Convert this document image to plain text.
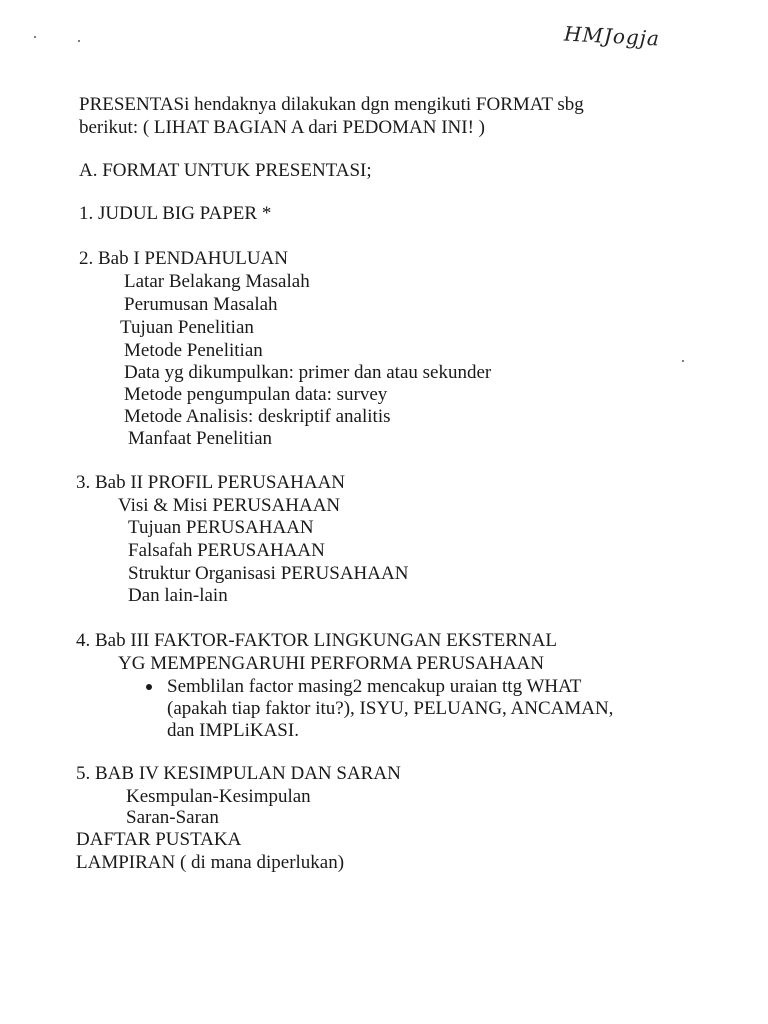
HMJogja
PRESENTASi hendaknya dilakukan dgn mengikuti FORMAT sbg
berikut: ( LIHAT BAGIAN A dari PEDOMAN INI! )
A. FORMAT UNTUK PRESENTASI;
1. JUDUL BIG PAPER *
2. Bab I PENDAHULUAN
Latar Belakang Masalah
Perumusan Masalah
Tujuan Penelitian
Metode Penelitian
Data yg dikumpulkan: primer dan atau sekunder
Metode pengumpulan data: survey
Metode Analisis: deskriptif analitis
Manfaat Penelitian
3. Bab II PROFIL PERUSAHAAN
Visi & Misi PERUSAHAAN
Tujuan PERUSAHAAN
Falsafah PERUSAHAAN
Struktur Organisasi PERUSAHAAN
Dan lain-lain
4. Bab III FAKTOR-FAKTOR LINGKUNGAN EKSTERNAL
YG MEMPENGARUHI PERFORMA PERUSAHAAN
Semblilan factor masing2 mencakup uraian ttg WHAT
(apakah tiap faktor itu?), ISYU, PELUANG, ANCAMAN,
dan IMPLiKASI.
5. BAB IV KESIMPULAN DAN SARAN
Kesmpulan-Kesimpulan
Saran-Saran
DAFTAR PUSTAKA
LAMPIRAN ( di mana diperlukan)
